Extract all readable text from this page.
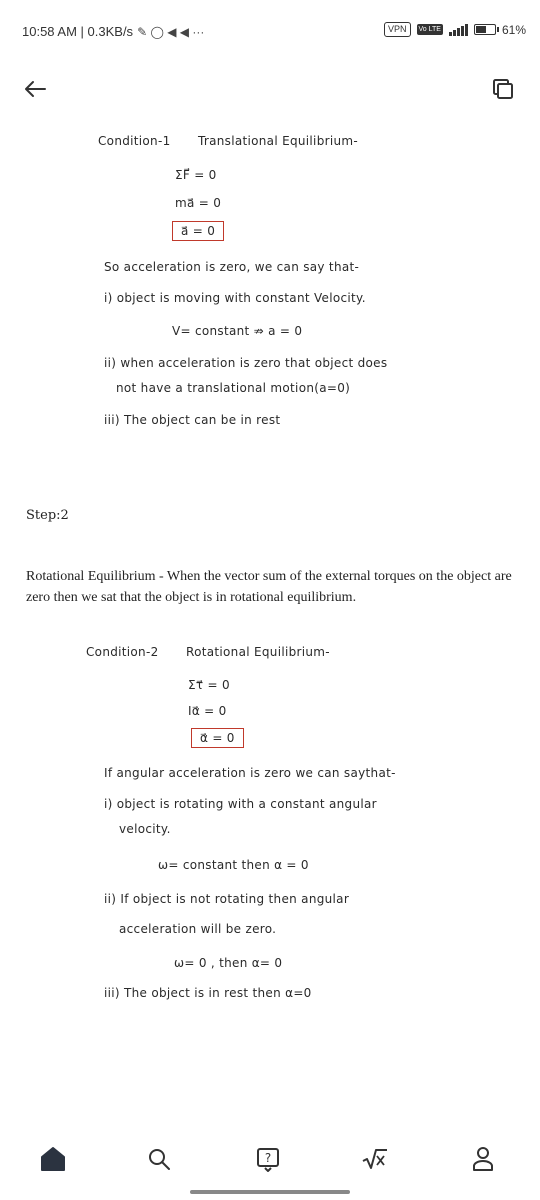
10:58 AM | 0.3KB/s ✎ ◯ ◀ ◀ ···	VPN	Vo LTE	61%
Condition-1 Translational Equilibrium-
ΣF⃗ = 0
ma⃗ = 0
a⃗ = 0
So acceleration is zero, we can say that-
i) object is moving with constant Velocity.
V= constant ⇏ a = 0
ii) when acceleration is zero that object does
not have a translational motion(a=0)
iii) The object can be in rest
Step:2
Rotational Equilibrium - When the vector sum of the external torques on the object are zero then we sat that the object is in rotational equilibrium.
Condition-2 Rotational Equilibrium-
Στ⃗ = 0
Iα⃗ = 0
α⃗ = 0
If angular acceleration is zero we can saythat-
i) object is rotating with a constant angular
velocity.
ω= constant then α = 0
ii) If object is not rotating then angular
acceleration will be zero.
ω= 0 , then α= 0
iii) The object is in rest then α=0
?
